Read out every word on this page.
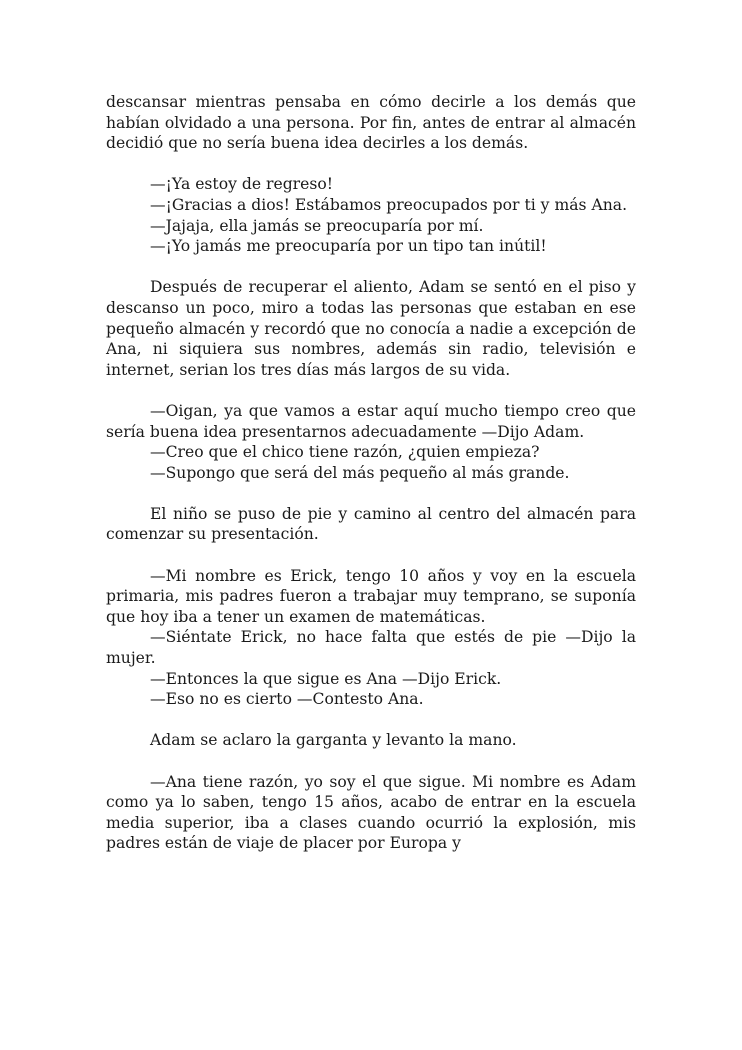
descansar mientras pensaba en cómo decirle a los demás que habían olvidado a una persona. Por fin, antes de entrar al almacén decidió que no sería buena idea decirles a los demás.

—¡Ya estoy de regreso!

—¡Gracias a dios! Estábamos preocupados por ti y más Ana.

—Jajaja, ella jamás se preocuparía por mí.

—¡Yo jamás me preocuparía por un tipo tan inútil!

Después de recuperar el aliento, Adam se sentó en el piso y descanso un poco, miro a todas las personas que estaban en ese pequeño almacén y recordó que no conocía a nadie a excepción de Ana, ni siquiera sus nombres, además sin radio, televisión e internet, serian los tres días más largos de su vida.

—Oigan, ya que vamos a estar aquí mucho tiempo creo que sería buena idea presentarnos adecuadamente —Dijo Adam.

—Creo que el chico tiene razón, ¿quien empieza?

—Supongo que será del más pequeño al más grande.

El niño se puso de pie y camino al centro del almacén para comenzar su presentación.

—Mi nombre es Erick, tengo 10 años y voy en la escuela primaria, mis padres fueron a trabajar muy temprano, se suponía que hoy iba a tener un examen de matemáticas.

—Siéntate Erick, no hace falta que estés de pie —Dijo la mujer.

—Entonces la que sigue es Ana —Dijo Erick.

—Eso no es cierto —Contesto Ana.

Adam se aclaro la garganta y levanto la mano.

—Ana tiene razón, yo soy el que sigue. Mi nombre es Adam como ya lo saben, tengo 15 años, acabo de entrar en la escuela media superior, iba a clases cuando ocurrió la explosión, mis padres están de viaje de placer por Europa y
